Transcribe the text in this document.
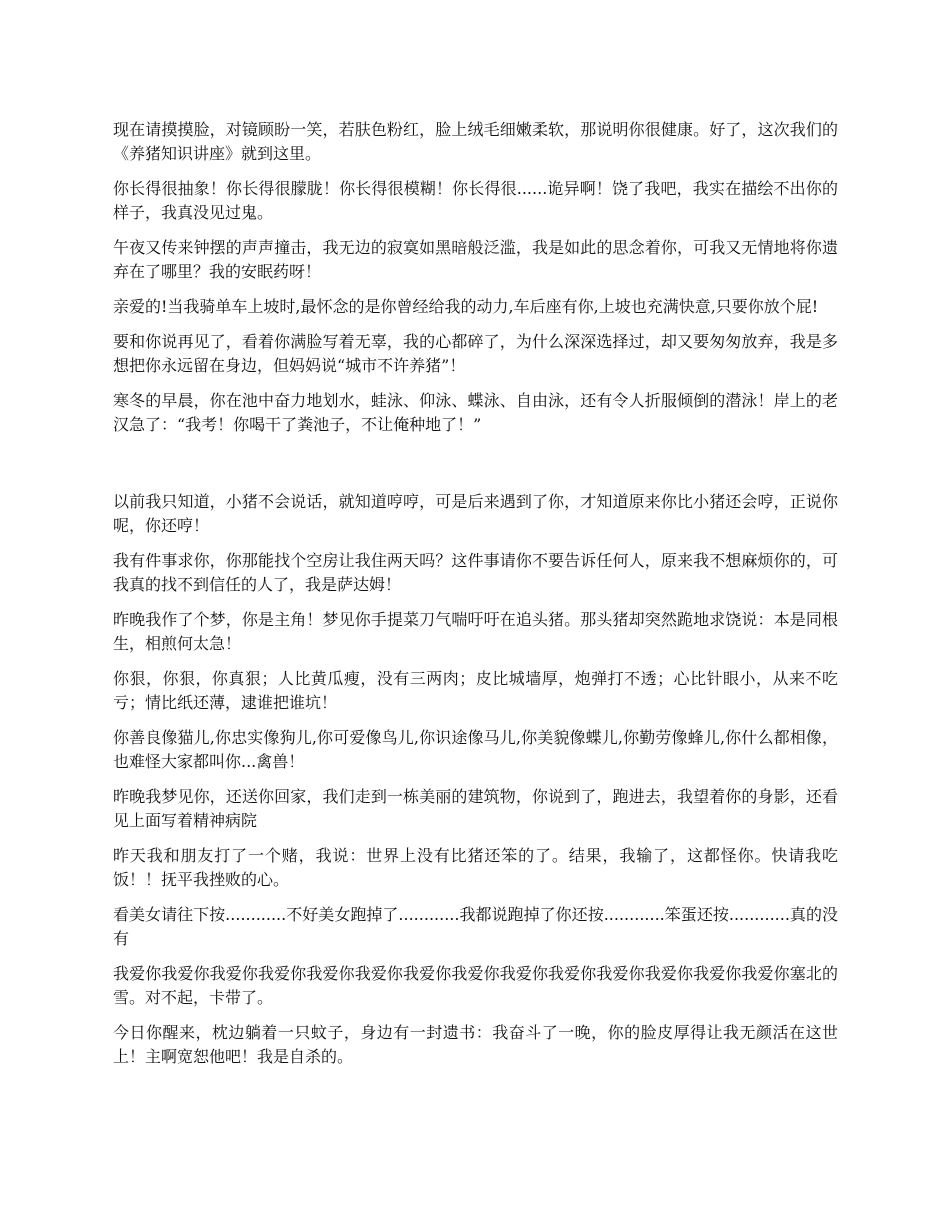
现在请摸摸脸，对镜顾盼一笑，若肤色粉红，脸上绒毛细嫩柔软，那说明你很健康。好了，这次我们的《养猪知识讲座》就到这里。

你长得很抽象！你长得很朦胧！你长得很模糊！你长得很......诡异啊！饶了我吧，我实在描绘不出你的样子，我真没见过鬼。

午夜又传来钟摆的声声撞击，我无边的寂寞如黑暗般泛滥，我是如此的思念着你，可我又无情地将你遗弃在了哪里？我的安眠药呀！

亲爱的!当我骑单车上坡时,最怀念的是你曾经给我的动力,车后座有你,上坡也充满快意,只要你放个屁!

要和你说再见了，看着你满脸写着无辜，我的心都碎了，为什么深深选择过，却又要匆匆放弃，我是多想把你永远留在身边，但妈妈说“城市不许养猪”！

寒冬的早晨，你在池中奋力地划水，蛙泳、仰泳、蝶泳、自由泳，还有令人折服倾倒的潜泳！岸上的老汉急了：“我考！你喝干了粪池子，不让俺种地了！”

以前我只知道，小猪不会说话，就知道哼哼，可是后来遇到了你，才知道原来你比小猪还会哼，正说你呢，你还哼！

我有件事求你，你那能找个空房让我住两天吗？这件事请你不要告诉任何人，原来我不想麻烦你的，可我真的找不到信任的人了，我是萨达姆！

昨晚我作了个梦，你是主角！梦见你手提菜刀气喘吁吁在追头猪。那头猪却突然跪地求饶说：本是同根生，相煎何太急！

你狠，你狠，你真狠；人比黄瓜瘦，没有三两肉；皮比城墙厚，炮弹打不透；心比针眼小，从来不吃亏；情比纸还薄，逮谁把谁坑！

你善良像猫儿,你忠实像狗儿,你可爱像鸟儿,你识途像马儿,你美貌像蝶儿,你勤劳像蜂儿,你什么都相像，也难怪大家都叫你...禽兽！

昨晚我梦见你，还送你回家，我们走到一栋美丽的建筑物，你说到了，跑进去，我望着你的身影，还看见上面写着精神病院

昨天我和朋友打了一个赌，我说：世界上没有比猪还笨的了。结果，我输了，这都怪你。快请我吃饭！！抚平我挫败的心。

看美女请往下按............不好美女跑掉了............我都说跑掉了你还按............笨蛋还按............真的没有

我爱你我爱你我爱你我爱你我爱你我爱你我爱你我爱你我爱你我爱你我爱你我爱你我爱你我爱你塞北的雪。对不起，卡带了。

今日你醒来，枕边躺着一只蚊子，身边有一封遗书：我奋斗了一晚，你的脸皮厚得让我无颜活在这世上！主啊宽恕他吧！我是自杀的。
